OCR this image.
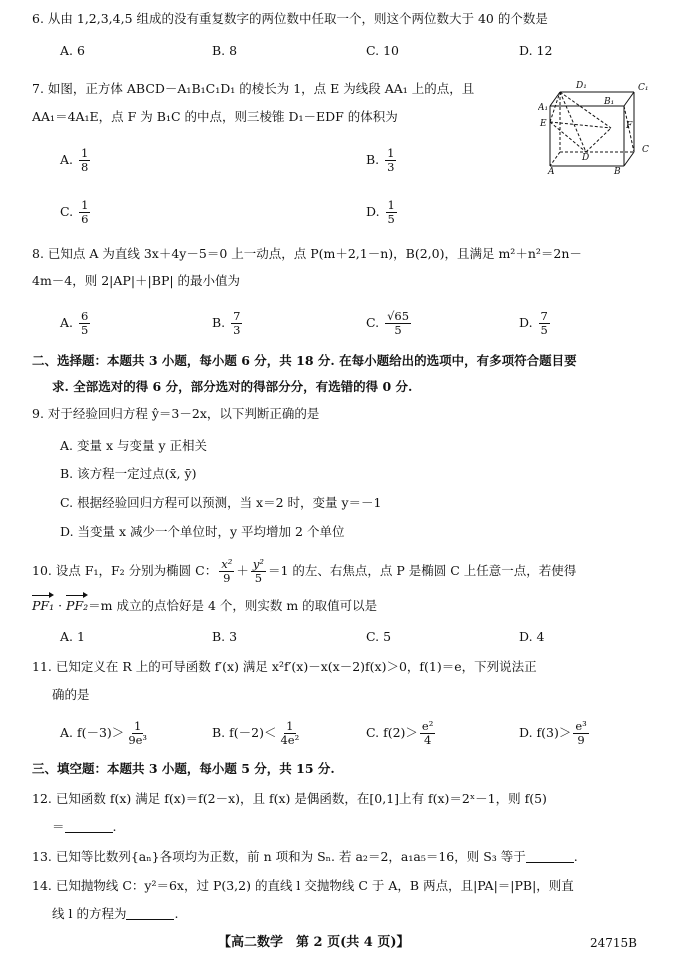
6. 从由 1,2,3,4,5 组成的没有重复数字的两位数中任取一个，则这个两位数大于 40 的个数是
A. 6	B. 8	C. 10	D. 12
7. 如图，正方体 ABCD－A₁B₁C₁D₁ 的棱长为 1，点 E 为线段 AA₁ 上的点，且
AA₁＝4A₁E，点 F 为 B₁C 的中点，则三棱锥 D₁－EDF 的体积为
A. $\frac{1}{8}$	B. $\frac{1}{3}$
C. $\frac{1}{6}$	D. $\frac{1}{5}$
D₁	C₁
A₁
B₁
E	F
D
C
A	B
8. 已知点 A 为直线 3x＋4y－5＝0 上一动点，点 P(m＋2,1－n)，B(2,0)，且满足 m²＋n²＝2n－
4m－4，则 2|AP|＋|BP| 的最小值为
A. $\frac{6}{5}$	B. $\frac{7}{3}$	C. $\frac{√65}{5}$	D. $\frac{7}{5}$
二、选择题：本题共 3 小题，每小题 6 分，共 18 分. 在每小题给出的选项中，有多项符合题目要
求. 全部选对的得 6 分，部分选对的得部分分，有选错的得 0 分.
9. 对于经验回归方程 ŷ＝3－2x，以下判断正确的是
A. 变量 x 与变量 y 正相关
B. 该方程一定过点(x̄, ȳ)
C. 根据经验回归方程可以预测，当 x＝2 时，变量 y＝－1
D. 当变量 x 减少一个单位时，y 平均增加 2 个单位
10. 设点 F₁，F₂ 分别为椭圆 C： $\frac{\text{x²}}{9} + \frac{\text{y²}}{5} =1$ 的左、右焦点，点 P 是椭圆 C 上任意一点，若使得
PF₁ · PF₂＝m 成立的点恰好是 4 个，则实数 m 的取值可以是
A. 1	B. 3	C. 5	D. 4
11. 已知定义在 R 上的可导函数 f′(x) 满足 x²f′(x)－x(x－2)f(x)＞0，f(1)＝e，下列说法正
确的是
A. $f(-3)> \frac{1}{\text{9e³}}$	B. $f(-2)< \frac{1}{\text{4e²}}$	C. $f(2)> \frac{\text{e²}}{4}$	D. $f(3)> \frac{\text{e³}}{9}$
三、填空题：本题共 3 小题，每小题 5 分，共 15 分.
12. 已知函数 f(x) 满足 f(x)＝f(2－x)，且 f(x) 是偶函数，在[0,1]上有 f(x)＝2ˣ－1，则 f(5)
＝	.
13. 已知等比数列{aₙ}各项均为正数，前 n 项和为 Sₙ. 若 a₂＝2，a₁a₅＝16，则 S₃ 等于	.
14. 已知抛物线 C：y²＝6x，过 P(3,2) 的直线 l 交抛物线 C 于 A，B 两点，且|PA|＝|PB|，则直
线 l 的方程为	.
【高二数学　第 2 页(共 4 页)】	24715B
